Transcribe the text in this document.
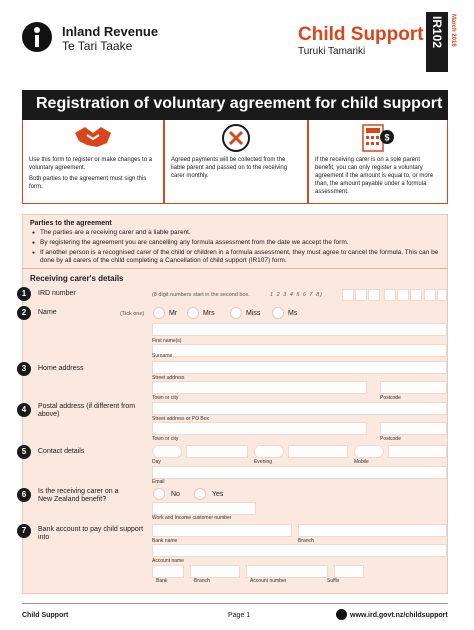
Inland Revenue
Te Tari Taake
Child Support
Turuki Tamariki
IR102 March 2016
Registration of voluntary agreement for child support

Use this form to register or make changes to a voluntary agreement.

Both parties to the agreement must sign this form.

Agreed payments will be collected from the liable parent and passed on to the receiving carer monthly.

$

If the receiving carer is on a sole parent benefit, you can only register a voluntary agreement if the amount is equal to, or more than, the amount payable under a formula assessment.

Parties to the agreement
● The parties are a receiving carer and a liable parent.
● By registering the agreement you are cancelling any formula assessment from the date we accept the form.
● If another person is a recognised carer of the child or children in a formula assessment, they must agree to cancel the formula. This can be done by all carers of the child completing a Cancellation of child support (IR107) form.
Receiving carer's details
1	IRD number	(8 digit numbers start in the second box.	1 2 3 4 5 6 7 8)
2	Name	(Tick one)	Mr	Mrs	Miss	Ms
First name(s)
Surname
3	Home address
Street address
Town or city	Postcode
4	Postal address (if different from above)
Street address or PO Box
Town or city	Postcode
5	Contact details
Day	Evening	Mobile
Email
6	Is the receiving carer on a New Zealand benefit?
No	Yes
Work and Income customer number
7	Bank account to pay child support into	Bank name	Branch
Account name
Bank	Branch	Account number	Suffix
Child Support	Page 1	www.ird.govt.nz/childsupport
